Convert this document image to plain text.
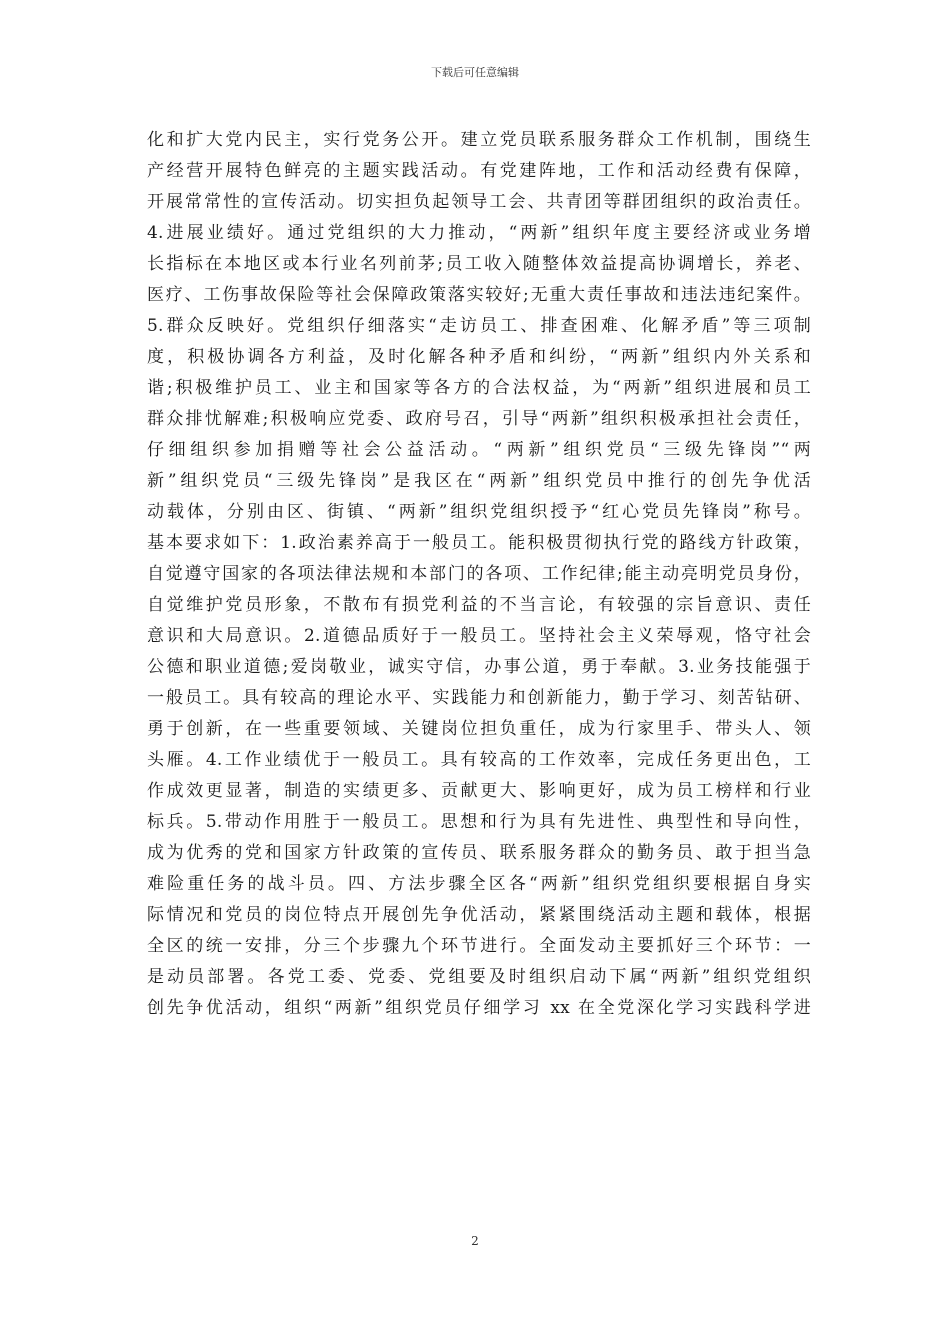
下载后可任意编辑
化和扩大党内民主，实行党务公开。建立党员联系服务群众工作机制，围绕生
产经营开展特色鲜亮的主题实践活动。有党建阵地，工作和活动经费有保障，
开展常常性的宣传活动。切实担负起领导工会、共青团等群团组织的政治责任。
4.进展业绩好。通过党组织的大力推动，“两新”组织年度主要经济或业务增
长指标在本地区或本行业名列前茅;员工收入随整体效益提高协调增长，养老、
医疗、工伤事故保险等社会保障政策落实较好;无重大责任事故和违法违纪案件。
5.群众反映好。党组织仔细落实“走访员工、排查困难、化解矛盾”等三项制
度，积极协调各方利益，及时化解各种矛盾和纠纷，“两新”组织内外关系和
谐;积极维护员工、业主和国家等各方的合法权益，为“两新”组织进展和员工
群众排忧解难;积极响应党委、政府号召，引导“两新”组织积极承担社会责任，
仔细组织参加捐赠等社会公益活动。“两新”组织党员“三级先锋岗”“两
新”组织党员“三级先锋岗”是我区在“两新”组织党员中推行的创先争优活
动载体，分别由区、街镇、“两新”组织党组织授予“红心党员先锋岗”称号。
基本要求如下：1.政治素养高于一般员工。能积极贯彻执行党的路线方针政策，
自觉遵守国家的各项法律法规和本部门的各项、工作纪律;能主动亮明党员身份，
自觉维护党员形象，不散布有损党利益的不当言论，有较强的宗旨意识、责任
意识和大局意识。2.道德品质好于一般员工。坚持社会主义荣辱观，恪守社会
公德和职业道德;爱岗敬业，诚实守信，办事公道，勇于奉献。3.业务技能强于
一般员工。具有较高的理论水平、实践能力和创新能力，勤于学习、刻苦钻研、
勇于创新，在一些重要领域、关键岗位担负重任，成为行家里手、带头人、领
头雁。4.工作业绩优于一般员工。具有较高的工作效率，完成任务更出色，工
作成效更显著，制造的实绩更多、贡献更大、影响更好，成为员工榜样和行业
标兵。5.带动作用胜于一般员工。思想和行为具有先进性、典型性和导向性，
成为优秀的党和国家方针政策的宣传员、联系服务群众的勤务员、敢于担当急
难险重任务的战斗员。四、方法步骤全区各“两新”组织党组织要根据自身实
际情况和党员的岗位特点开展创先争优活动，紧紧围绕活动主题和载体，根据
全区的统一安排，分三个步骤九个环节进行。全面发动主要抓好三个环节：一
是动员部署。各党工委、党委、党组要及时组织启动下属“两新”组织党组织
创先争优活动，组织“两新”组织党员仔细学习 xx 在全党深化学习实践科学进
2
